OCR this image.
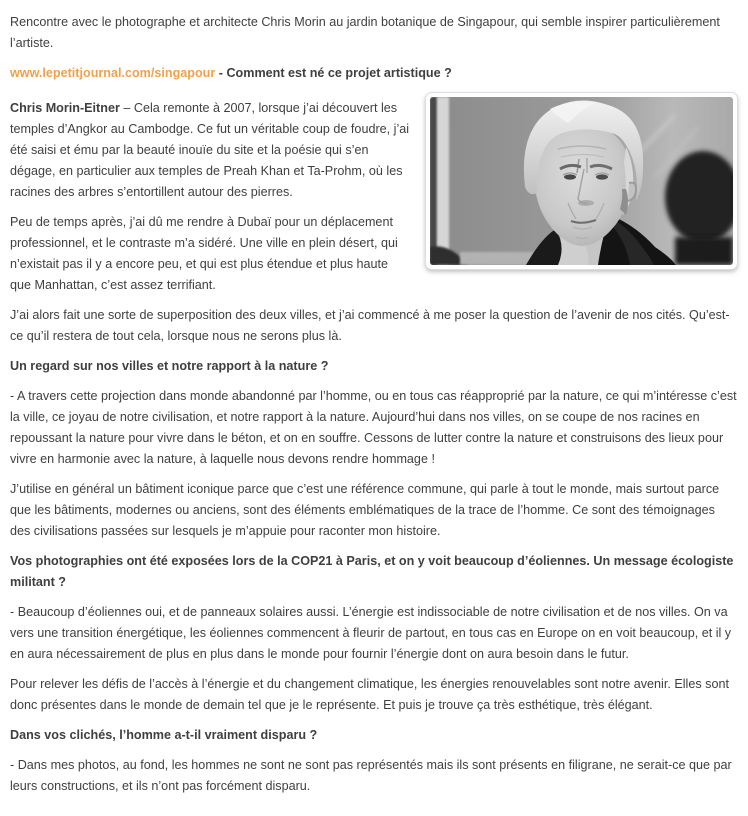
Rencontre avec le photographe et architecte Chris Morin au jardin botanique de Singapour, qui semble inspirer particulièrement l’artiste.

www.lepetitjournal.com/singapour - Comment est né ce projet artistique ?

Chris Morin-Eitner – Cela remonte à 2007, lorsque j’ai découvert les temples d’Angkor au Cambodge. Ce fut un véritable coup de foudre, j’ai été saisi et ému par la beauté inouïe du site et la poésie qui s’en dégage, en particulier aux temples de Preah Khan et Ta-Prohm, où les racines des arbres s’entortillent autour des pierres.

Peu de temps après, j’ai dû me rendre à Dubaï pour un déplacement professionnel, et le contraste m’a sidéré. Une ville en plein désert, qui n’existait pas il y a encore peu, et qui est plus étendue et plus haute que Manhattan, c’est assez terrifiant.

J’ai alors fait une sorte de superposition des deux villes, et j’ai commencé à me poser la question de l’avenir de nos cités. Qu’est-ce qu’il restera de tout cela, lorsque nous ne serons plus là.

Un regard sur nos villes et notre rapport à la nature ?

- A travers cette projection dans monde abandonné par l’homme, ou en tous cas réapproprié par la nature, ce qui m’intéresse c’est la ville, ce joyau de notre civilisation, et notre rapport à la nature. Aujourd’hui dans nos villes, on se coupe de nos racines en repoussant la nature pour vivre dans le béton, et on en souffre. Cessons de lutter contre la nature et construisons des lieux pour vivre en harmonie avec la nature, à laquelle nous devons rendre hommage !

J’utilise en général un bâtiment iconique parce que c’est une référence commune, qui parle à tout le monde, mais surtout parce que les bâtiments, modernes ou anciens, sont des éléments emblématiques de la trace de l’homme. Ce sont des témoignages des civilisations passées sur lesquels je m’appuie pour raconter mon histoire.

Vos photographies ont été exposées lors de la COP21 à Paris, et on y voit beaucoup d’éoliennes. Un message écologiste militant ?

- Beaucoup d’éoliennes oui, et de panneaux solaires aussi. L’énergie est indissociable de notre civilisation et de nos villes. On va vers une transition énergétique, les éoliennes commencent à fleurir de partout, en tous cas en Europe on en voit beaucoup, et il y en aura nécessairement de plus en plus dans le monde pour fournir l’énergie dont on aura besoin dans le futur.

Pour relever les défis de l’accès à l’énergie et du changement climatique, les énergies renouvelables sont notre avenir. Elles sont donc présentes dans le monde de demain tel que je le représente. Et puis je trouve ça très esthétique, très élégant.

Dans vos clichés, l’homme a-t-il vraiment disparu ?

- Dans mes photos, au fond, les hommes ne sont ne sont pas représentés mais ils sont présents en filigrane, ne serait-ce que par leurs constructions, et ils n’ont pas forcément disparu.
